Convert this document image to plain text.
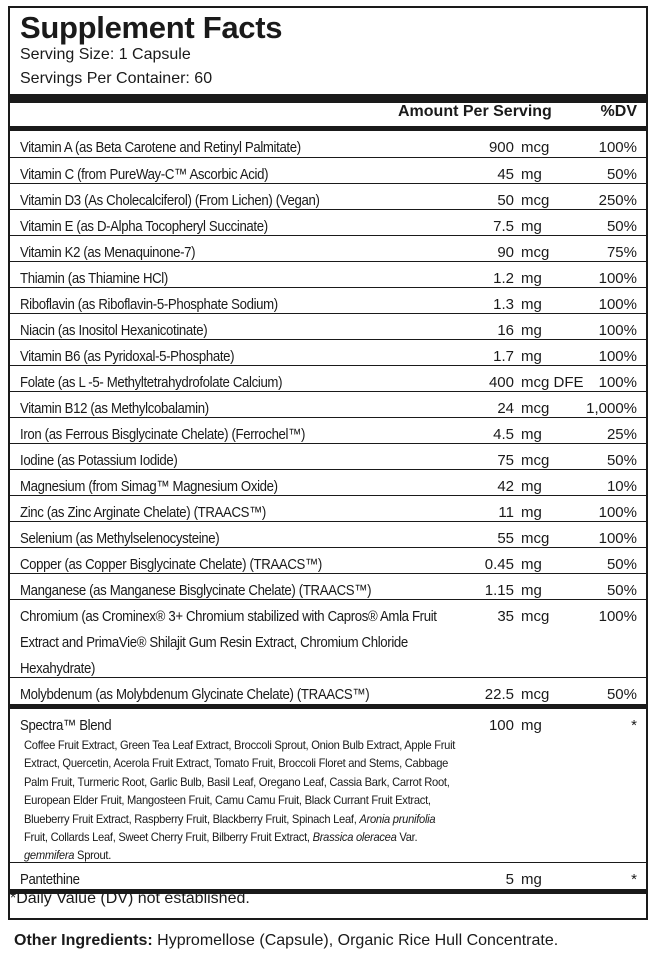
Supplement Facts
Serving Size: 1 Capsule
Servings Per Container: 60
Amount Per Serving	%DV
Vitamin A (as Beta Carotene and Retinyl Palmitate)	900 mcg	100%
Vitamin C (from PureWay-C™ Ascorbic Acid)	45 mg	50%
Vitamin D3 (As Cholecalciferol) (From Lichen) (Vegan)	50 mcg	250%
Vitamin E (as D-Alpha Tocopheryl Succinate)	7.5 mg	50%
Vitamin K2 (as Menaquinone-7)	90 mcg	75%
Thiamin (as Thiamine HCl)	1.2 mg	100%
Riboflavin (as Riboflavin-5-Phosphate Sodium)	1.3 mg	100%
Niacin (as Inositol Hexanicotinate)	16 mg	100%
Vitamin B6 (as Pyridoxal-5-Phosphate)	1.7 mg	100%
Folate (as L -5- Methyltetrahydrofolate Calcium)	400 mcg DFE 100%
Vitamin B12 (as Methylcobalamin)	24 mcg 1,000%
Iron (as Ferrous Bisglycinate Chelate) (Ferrochel™)	4.5 mg	25%
Iodine (as Potassium Iodide)	75 mcg	50%
Magnesium (from Simag™ Magnesium Oxide)	42 mg	10%
Zinc (as Zinc Arginate Chelate) (TRAACS™)	11 mg	100%
Selenium (as Methylselenocysteine)	55 mcg	100%
Copper (as Copper Bisglycinate Chelate) (TRAACS™)	0.45 mg	50%
Manganese (as Manganese Bisglycinate Chelate) (TRAACS™)	1.15 mg	50%
Chromium (as Crominex® 3+ Chromium stabilized with Capros® Amla Fruit
Extract and PrimaVie® Shilajit Gum Resin Extract, Chromium Chloride
Hexahydrate)
35 mcg	100%
Molybdenum (as Molybdenum Glycinate Chelate) (TRAACS™)	22.5 mcg	50%
Spectra™ Blend	100 mg	*
Coffee Fruit Extract, Green Tea Leaf Extract, Broccoli Sprout, Onion Bulb Extract, Apple Fruit Extract, Quercetin, Acerola Fruit Extract, Tomato Fruit, Broccoli Floret and Stems, Cabbage Palm Fruit, Turmeric Root, Garlic Bulb, Basil Leaf, Oregano Leaf, Cassia Bark, Carrot Root, European Elder Fruit, Mangosteen Fruit, Camu Camu Fruit, Black Currant Fruit Extract, Blueberry Fruit Extract, Raspberry Fruit, Blackberry Fruit, Spinach Leaf, Aronia prunifolia Fruit, Collards Leaf, Sweet Cherry Fruit, Bilberry Fruit Extract, Brassica oleracea Var. gemmifera Sprout.
Pantethine	5 mg	*
*Daily Value (DV) not established.
Other Ingredients: Hypromellose (Capsule), Organic Rice Hull Concentrate.
